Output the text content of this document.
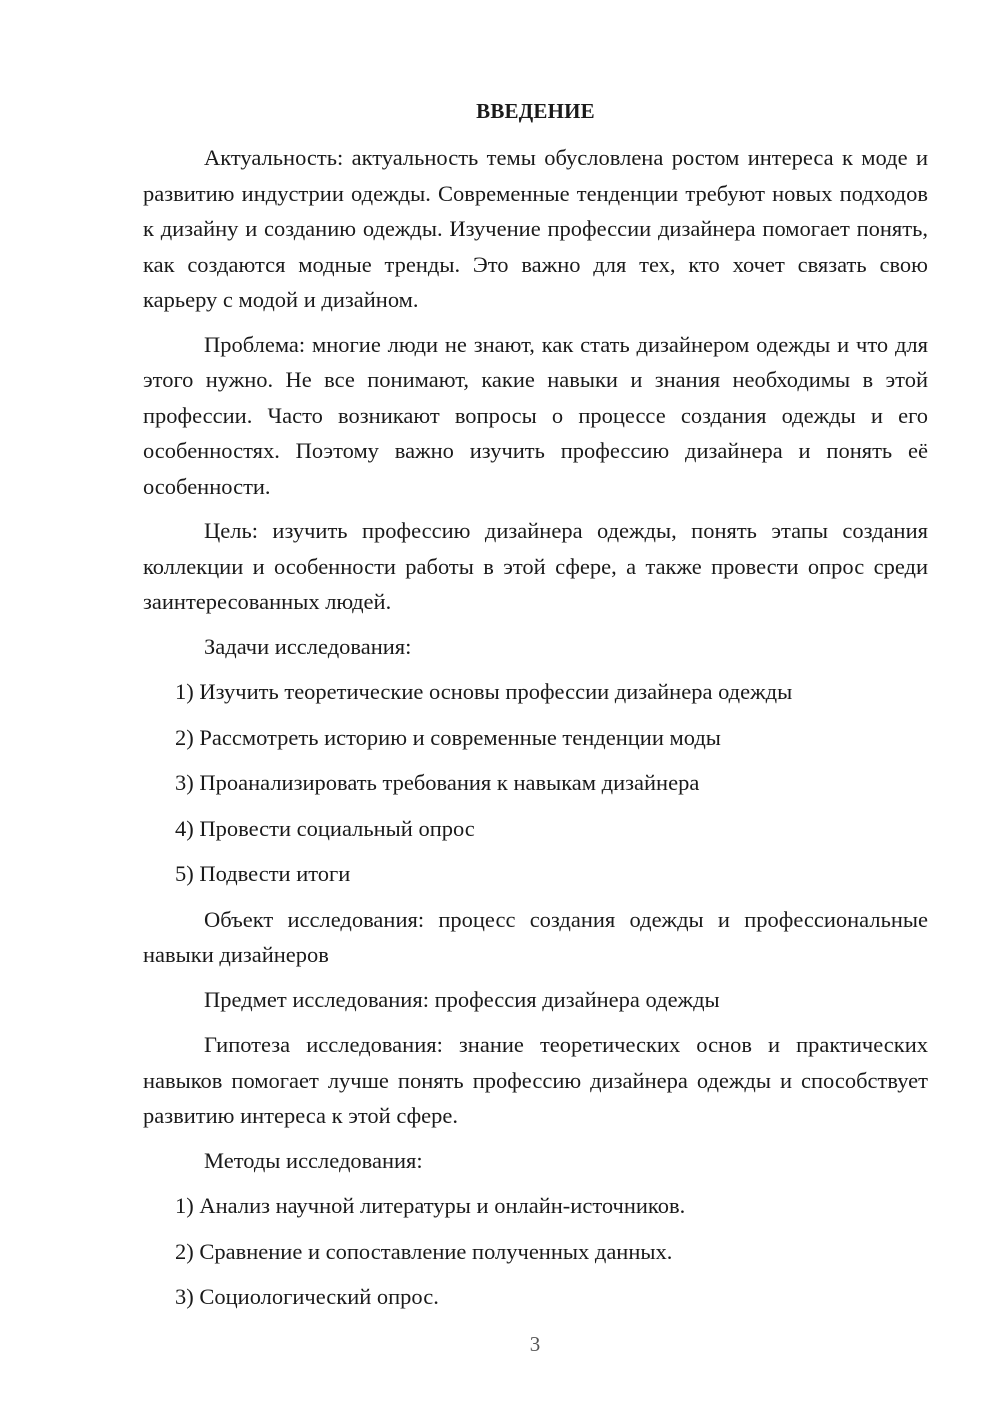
ВВЕДЕНИЕ

Актуальность: актуальность темы обусловлена ростом интереса к моде и развитию индустрии одежды. Современные тенденции требуют новых подходов к дизайну и созданию одежды. Изучение профессии дизайнера помогает понять, как создаются модные тренды. Это важно для тех, кто хочет связать свою карьеру с модой и дизайном.

Проблема: многие люди не знают, как стать дизайнером одежды и что для этого нужно. Не все понимают, какие навыки и знания необходимы в этой профессии. Часто возникают вопросы о процессе создания одежды и его особенностях. Поэтому важно изучить профессию дизайнера и понять её особенности.

Цель: изучить профессию дизайнера одежды, понять этапы создания коллекции и особенности работы в этой сфере, а также провести опрос среди заинтересованных людей.

Задачи исследования:

1) Изучить теоретические основы профессии дизайнера одежды

2) Рассмотреть историю и современные тенденции моды

3) Проанализировать требования к навыкам дизайнера

4) Провести социальный опрос

5) Подвести итоги

Объект исследования: процесс создания одежды и профессиональные навыки дизайнеров

Предмет исследования: профессия дизайнера одежды

Гипотеза исследования: знание теоретических основ и практических навыков помогает лучше понять профессию дизайнера одежды и способствует развитию интереса к этой сфере.

Методы исследования:

1) Анализ научной литературы и онлайн-источников.

2) Сравнение и сопоставление полученных данных.

3) Социологический опрос.

3
